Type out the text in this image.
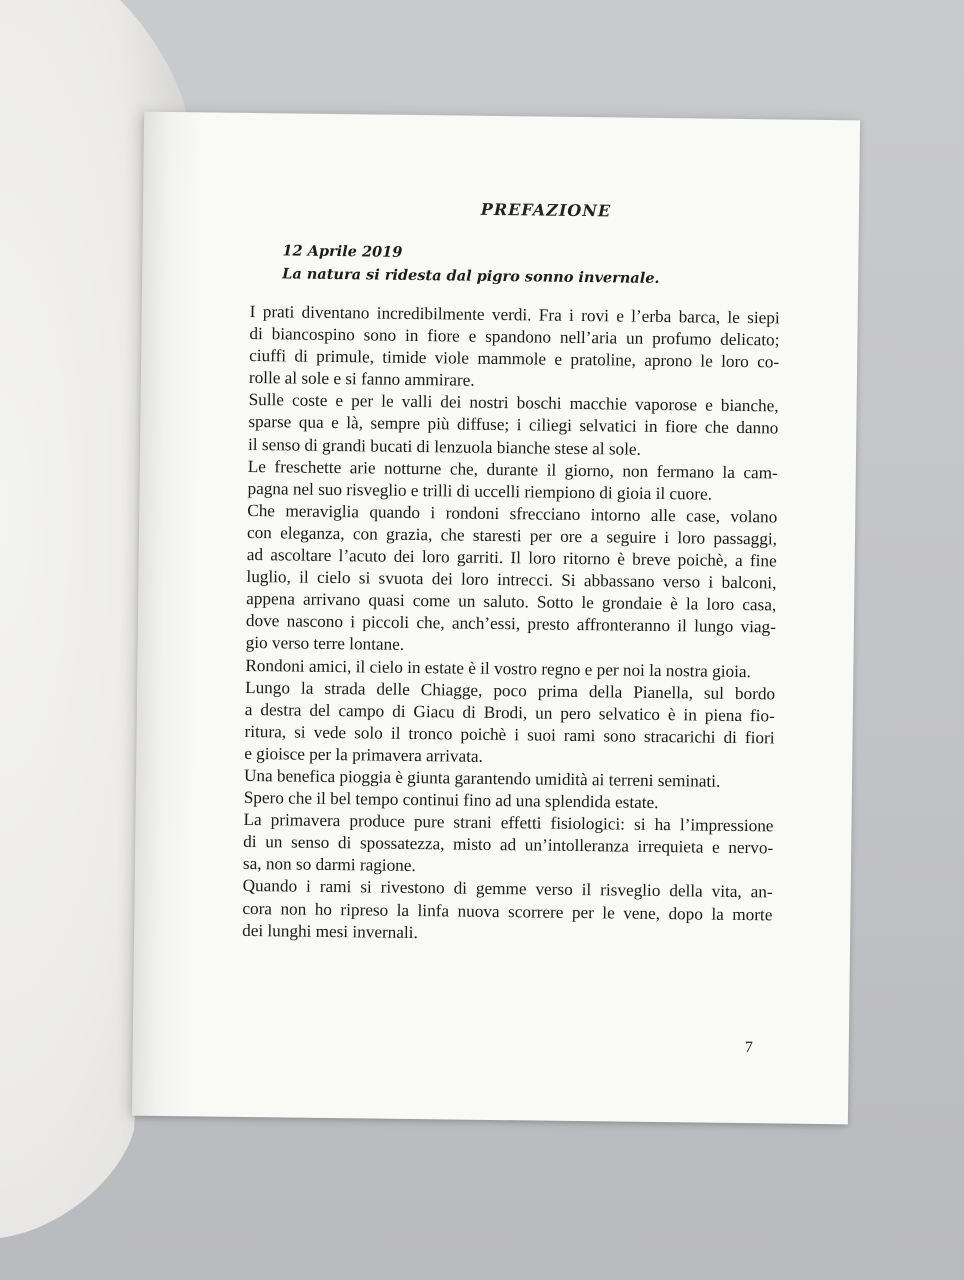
PREFAZIONE
12 Aprile 2019
La natura si ridesta dal pigro sonno invernale.
I prati diventano incredibilmente verdi. Fra i rovi e l’erba barca, le siepi
di biancospino sono in fiore e spandono nell’aria un profumo delicato;
ciuffi di primule, timide viole mammole e pratoline, aprono le loro co-
rolle al sole e si fanno ammirare.
Sulle coste e per le valli dei nostri boschi macchie vaporose e bianche,
sparse qua e là, sempre più diffuse; i ciliegi selvatici in fiore che danno
il senso di grandi bucati di lenzuola bianche stese al sole.
Le freschette arie notturne che, durante il giorno, non fermano la cam-
pagna nel suo risveglio e trilli di uccelli riempiono di gioia il cuore.
Che meraviglia quando i rondoni sfrecciano intorno alle case, volano
con eleganza, con grazia, che staresti per ore a seguire i loro passaggi,
ad ascoltare l’acuto dei loro garriti. Il loro ritorno è breve poichè, a fine
luglio, il cielo si svuota dei loro intrecci. Si abbassano verso i balconi,
appena arrivano quasi come un saluto. Sotto le grondaie è la loro casa,
dove nascono i piccoli che, anch’essi, presto affronteranno il lungo viag-
gio verso terre lontane.
Rondoni amici, il cielo in estate è il vostro regno e per noi la nostra gioia.
Lungo la strada delle Chiagge, poco prima della Pianella, sul bordo
a destra del campo di Giacu di Brodi, un pero selvatico è in piena fio-
ritura, si vede solo il tronco poichè i suoi rami sono stracarichi di fiori
e gioisce per la primavera arrivata.
Una benefica pioggia è giunta garantendo umidità ai terreni seminati.
Spero che il bel tempo continui fino ad una splendida estate.
La primavera produce pure strani effetti fisiologici: si ha l’impressione
di un senso di spossatezza, misto ad un’intolleranza irrequieta e nervo-
sa, non so darmi ragione.
Quando i rami si rivestono di gemme verso il risveglio della vita, an-
cora non ho ripreso la linfa nuova scorrere per le vene, dopo la morte
dei lunghi mesi invernali.
7
